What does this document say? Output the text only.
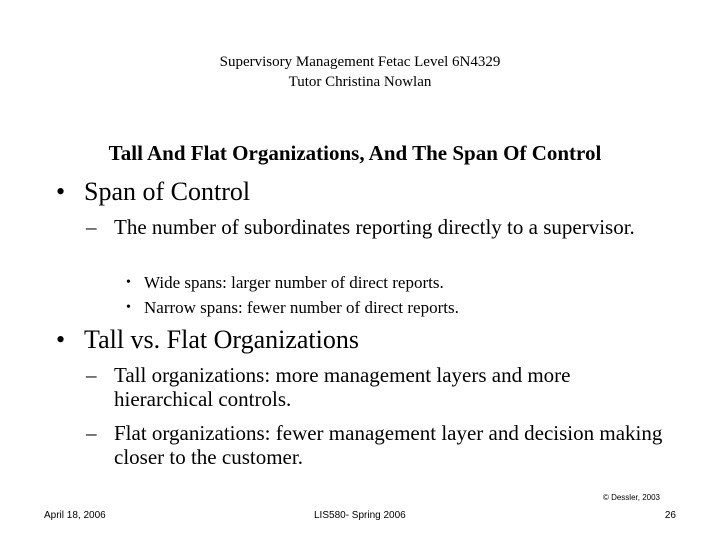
Supervisory Management Fetac Level 6N4329
Tutor Christina Nowlan
Tall And Flat Organizations, And The Span Of Control
• Span of Control
– The number of subordinates reporting directly to a supervisor.
• Wide spans: larger number of direct reports.
• Narrow spans: fewer number of direct reports.
• Tall vs. Flat Organizations
– Tall organizations: more management layers and more hierarchical controls.
– Flat organizations: fewer management layer and decision making closer to the customer.
© Dessler, 2003
April 18, 2006	LIS580- Spring 2006	26
